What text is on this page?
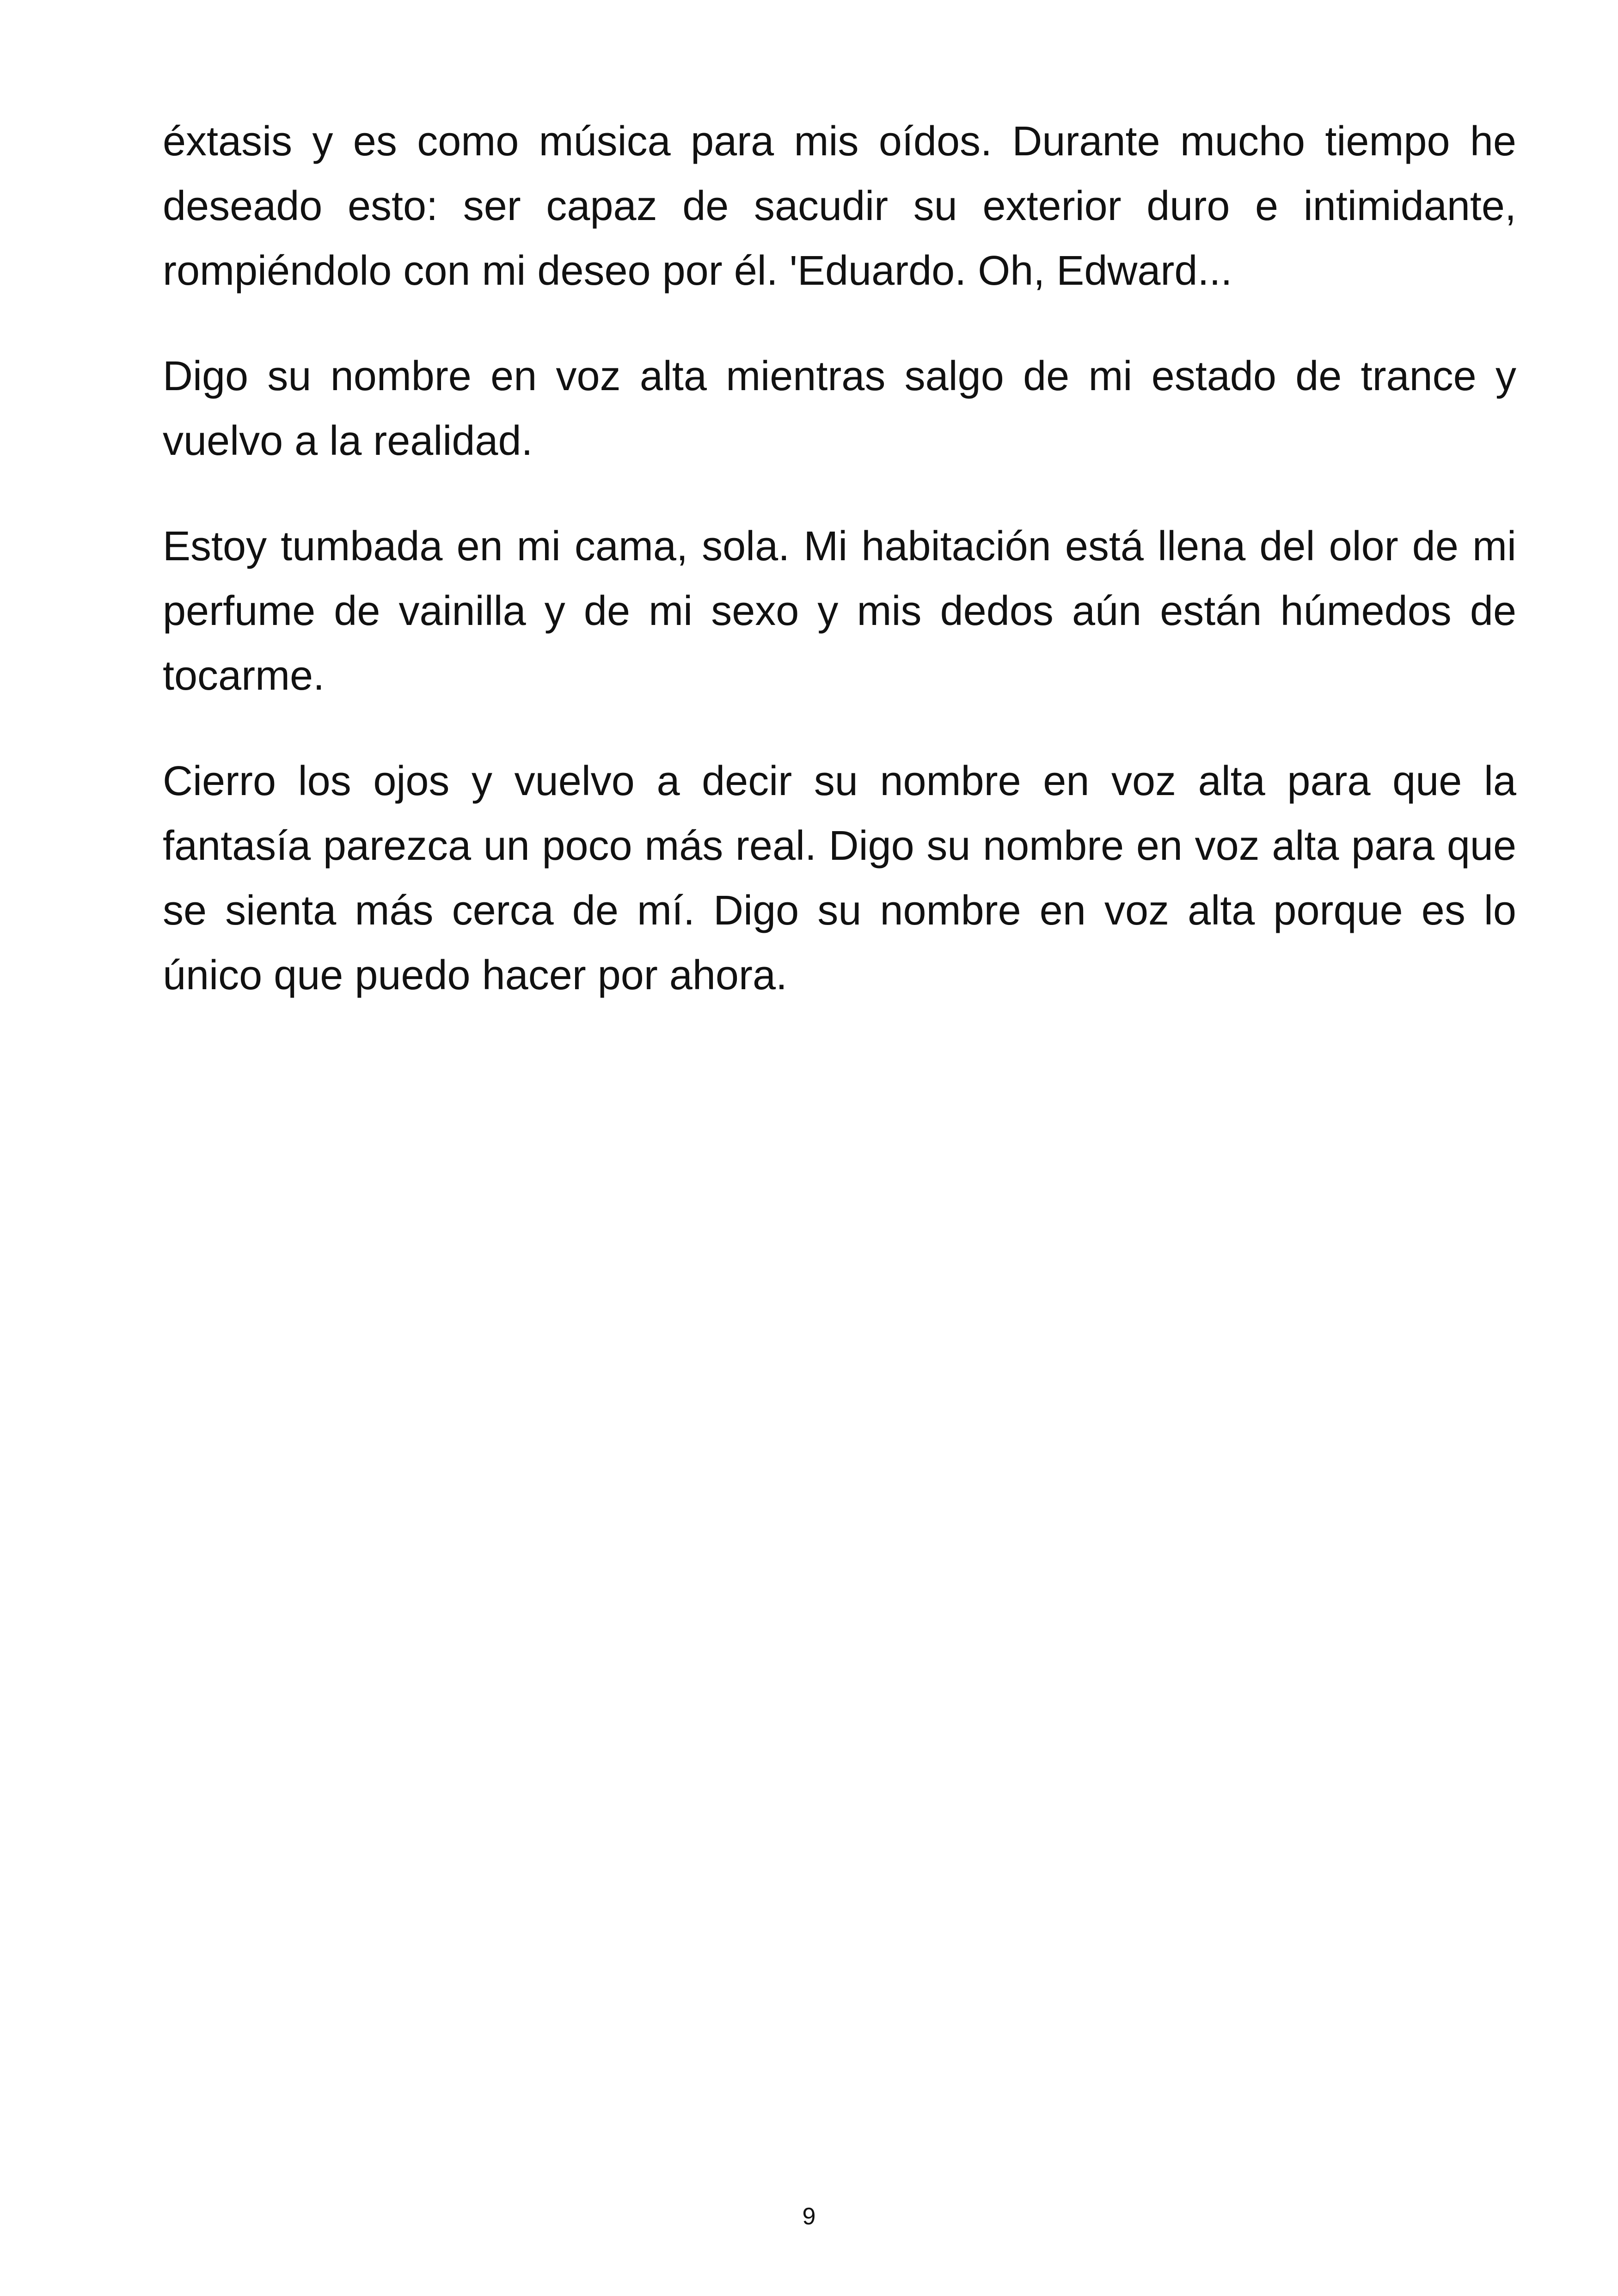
éxtasis y es como música para mis oídos. Durante mucho tiempo he deseado esto: ser capaz de sacudir su exterior duro e intimidante, rompiéndolo con mi deseo por él. 'Eduardo. Oh, Edward...

Digo su nombre en voz alta mientras salgo de mi estado de trance y vuelvo a la realidad.

Estoy tumbada en mi cama, sola. Mi habitación está llena del olor de mi perfume de vainilla y de mi sexo y mis dedos aún están húmedos de tocarme.

Cierro los ojos y vuelvo a decir su nombre en voz alta para que la fantasía parezca un poco más real. Digo su nombre en voz alta para que se sienta más cerca de mí. Digo su nombre en voz alta porque es lo único que puedo hacer por ahora.

9
